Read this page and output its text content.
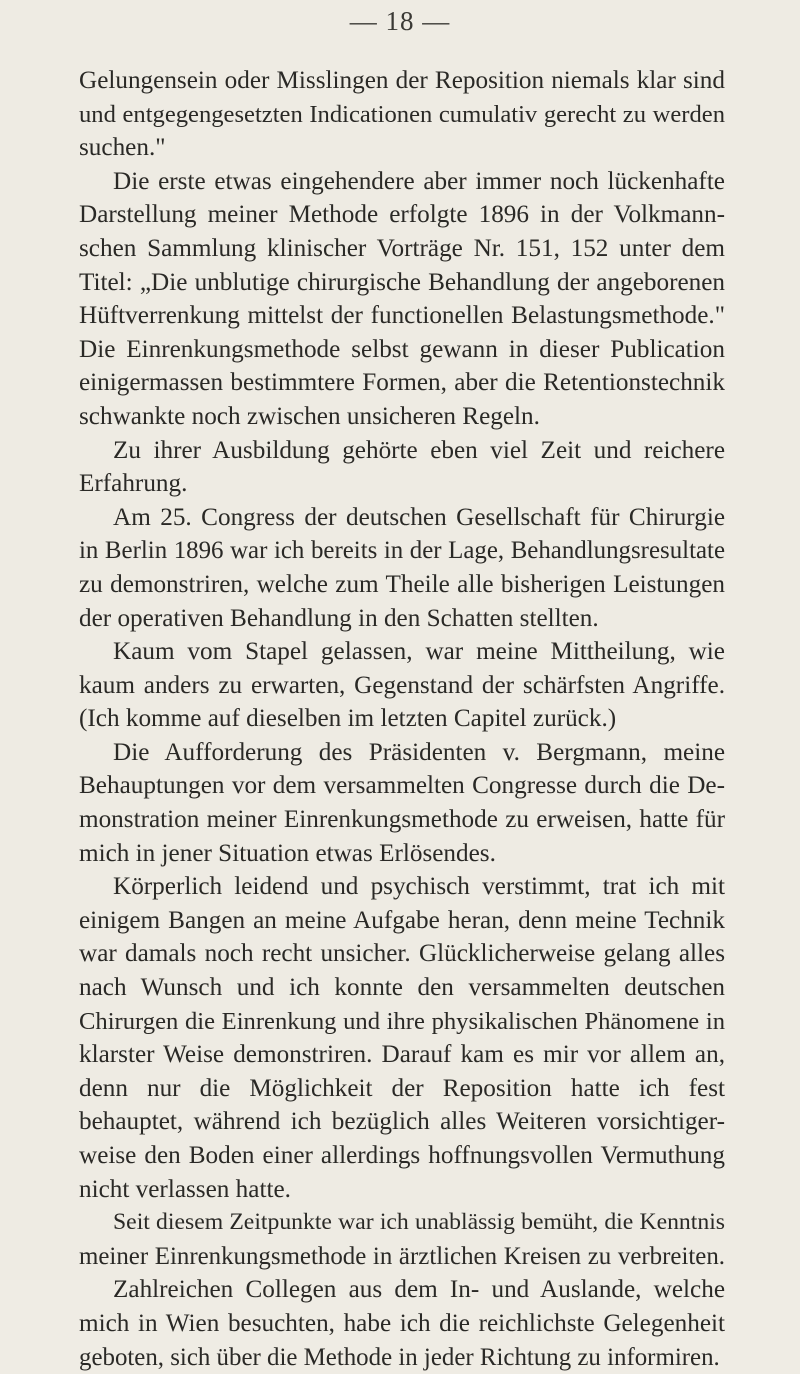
— 18 —
Gelungensein oder Misslingen der Reposition niemals klar sind
und entgegengesetzten Indicationen cumulativ gerecht zu werden
suchen."
Die erste etwas eingehendere aber immer noch lückenhafte
Darstellung meiner Methode erfolgte 1896 in der Volkmann-
schen Sammlung klinischer Vorträge Nr. 151, 152 unter dem
Titel: „Die unblutige chirurgische Behandlung der angeborenen
Hüftverrenkung mittelst der functionellen Belastungsmethode."
Die Einrenkungsmethode selbst gewann in dieser Publication
einigermassen bestimmtere Formen, aber die Retentionstechnik
schwankte noch zwischen unsicheren Regeln.
Zu ihrer Ausbildung gehörte eben viel Zeit und reichere
Erfahrung.
Am 25. Congress der deutschen Gesellschaft für Chirurgie
in Berlin 1896 war ich bereits in der Lage, Behandlungsresultate
zu demonstriren, welche zum Theile alle bisherigen Leistungen
der operativen Behandlung in den Schatten stellten.
Kaum vom Stapel gelassen, war meine Mittheilung, wie
kaum anders zu erwarten, Gegenstand der schärfsten Angriffe.
(Ich komme auf dieselben im letzten Capitel zurück.)
Die Aufforderung des Präsidenten v. Bergmann, meine
Behauptungen vor dem versammelten Congresse durch die De-
monstration meiner Einrenkungsmethode zu erweisen, hatte für
mich in jener Situation etwas Erlösendes.
Körperlich leidend und psychisch verstimmt, trat ich mit
einigem Bangen an meine Aufgabe heran, denn meine Technik
war damals noch recht unsicher. Glücklicherweise gelang alles
nach Wunsch und ich konnte den versammelten deutschen
Chirurgen die Einrenkung und ihre physikalischen Phänomene in
klarster Weise demonstriren. Darauf kam es mir vor allem an,
denn nur die Möglichkeit der Reposition hatte ich fest
behauptet, während ich bezüglich alles Weiteren vorsichtiger-
weise den Boden einer allerdings hoffnungsvollen Vermuthung
nicht verlassen hatte.
Seit diesem Zeitpunkte war ich unablässig bemüht, die Kenntnis
meiner Einrenkungsmethode in ärztlichen Kreisen zu verbreiten.
Zahlreichen Collegen aus dem In- und Auslande, welche
mich in Wien besuchten, habe ich die reichlichste Gelegenheit
geboten, sich über die Methode in jeder Richtung zu informiren.
